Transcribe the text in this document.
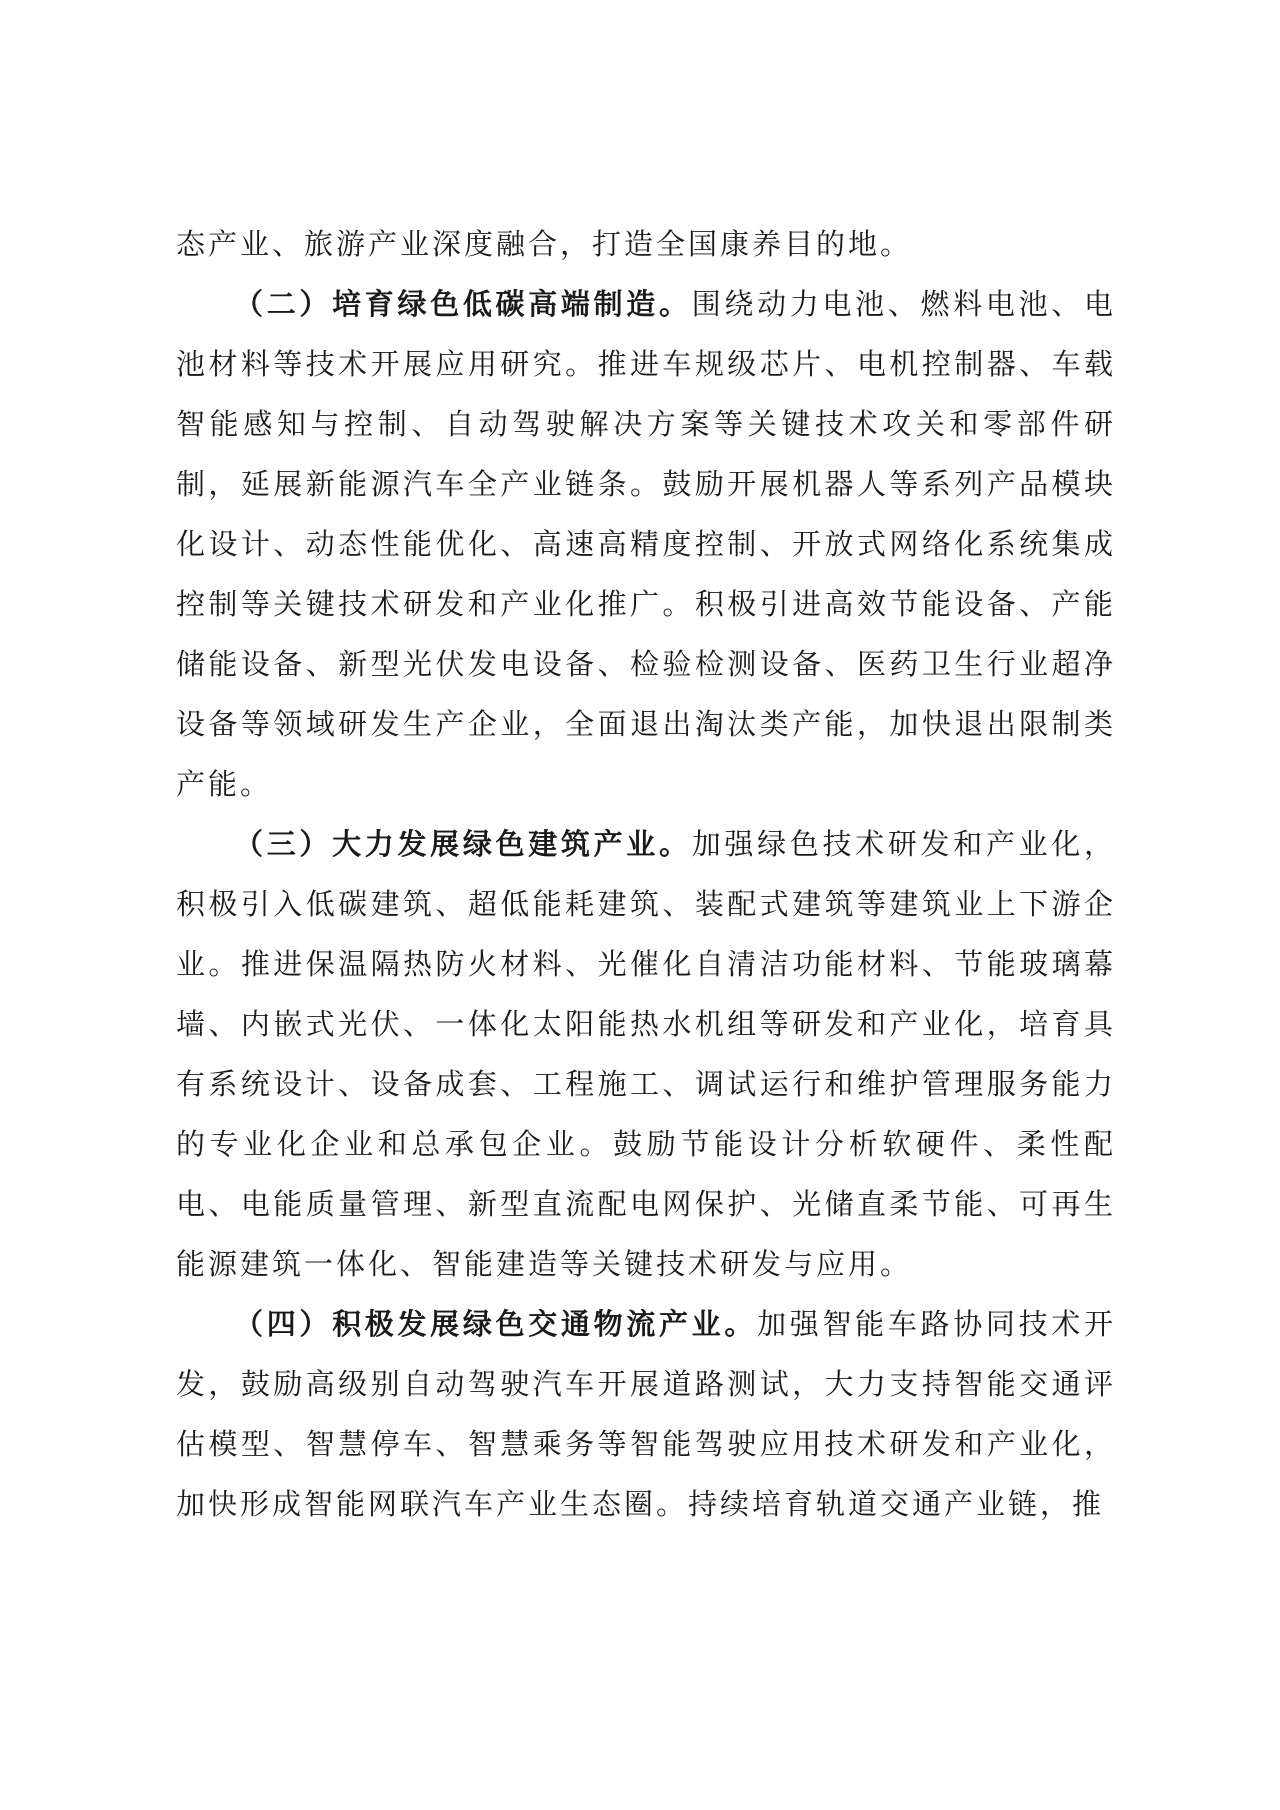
态产业、旅游产业深度融合，打造全国康养目的地。

（二）培育绿色低碳高端制造。围绕动力电池、燃料电池、电池材料等技术开展应用研究。推进车规级芯片、电机控制器、车载智能感知与控制、自动驾驶解决方案等关键技术攻关和零部件研制，延展新能源汽车全产业链条。鼓励开展机器人等系列产品模块化设计、动态性能优化、高速高精度控制、开放式网络化系统集成控制等关键技术研发和产业化推广。积极引进高效节能设备、产能储能设备、新型光伏发电设备、检验检测设备、医药卫生行业超净设备等领域研发生产企业，全面退出淘汰类产能，加快退出限制类产能。

（三）大力发展绿色建筑产业。加强绿色技术研发和产业化，积极引入低碳建筑、超低能耗建筑、装配式建筑等建筑业上下游企业。推进保温隔热防火材料、光催化自清洁功能材料、节能玻璃幕墙、内嵌式光伏、一体化太阳能热水机组等研发和产业化，培育具有系统设计、设备成套、工程施工、调试运行和维护管理服务能力的专业化企业和总承包企业。鼓励节能设计分析软硬件、柔性配电、电能质量管理、新型直流配电网保护、光储直柔节能、可再生能源建筑一体化、智能建造等关键技术研发与应用。

（四）积极发展绿色交通物流产业。加强智能车路协同技术开发，鼓励高级别自动驾驶汽车开展道路测试，大力支持智能交通评估模型、智慧停车、智慧乘务等智能驾驶应用技术研发和产业化，加快形成智能网联汽车产业生态圈。持续培育轨道交通产业链，推
